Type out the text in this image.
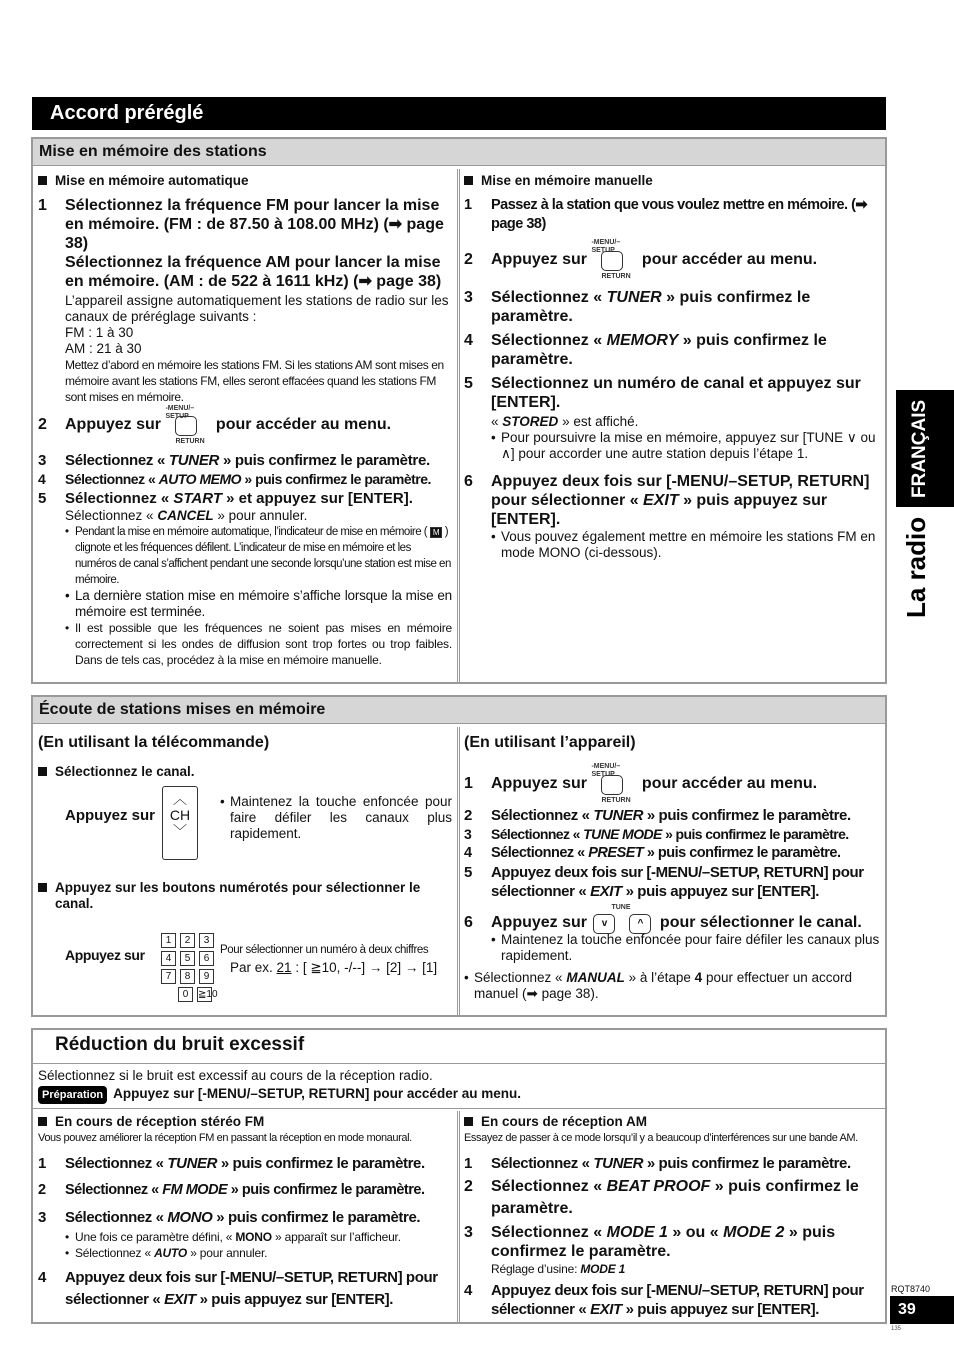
Accord préréglé
FRANÇAIS
La radio
Mise en mémoire des stations
Mise en mémoire automatique
1 Sélectionnez la fréquence FM pour lancer la mise en mémoire. (FM : de 87.50 à 108.00 MHz) (➡ page 38)
Sélectionnez la fréquence AM pour lancer la mise en mémoire. (AM : de 522 à 1611 kHz) (➡ page 38)
L’appareil assigne automatiquement les stations de radio sur les canaux de préréglage suivants :
FM : 1 à 30
AM : 21 à 30
Mettez d’abord en mémoire les stations FM. Si les stations AM sont mises en mémoire avant les stations FM, elles seront effacées quand les stations FM sont mises en mémoire.
2 Appuyez sur
-MENU/–SETUP
RETURN
pour accéder au menu.
3 Sélectionnez « TUNER » puis confirmez le paramètre.
4 Sélectionnez « AUTO MEMO » puis confirmez le paramètre.
5 Sélectionnez « START » et appuyez sur [ENTER].
Sélectionnez « CANCEL » pour annuler.
• Pendant la mise en mémoire automatique, l’indicateur de mise en mémoire ( M ) clignote et les fréquences défilent. L’indicateur de mise en mémoire et les numéros de canal s’affichent pendant une seconde lorsqu’une station est mise en mémoire.
• La dernière station mise en mémoire s’affiche lorsque la mise en mémoire est terminée.
• Il est possible que les fréquences ne soient pas mises en mémoire correctement si les ondes de diffusion sont trop fortes ou trop faibles. Dans de tels cas, procédez à la mise en mémoire manuelle.
Mise en mémoire manuelle
1 Passez à la station que vous voulez mettre en mémoire. (➡ page 38)
2 Appuyez sur
-MENU/–SETUP
RETURN
pour accéder au menu.
3 Sélectionnez « TUNER » puis confirmez le paramètre.
4 Sélectionnez « MEMORY » puis confirmez le paramètre.
5 Sélectionnez un numéro de canal et appuyez sur [ENTER].
« STORED » est affiché.
• Pour poursuivre la mise en mémoire, appuyez sur [TUNE ∨ ou ∧] pour accorder une autre station depuis l’étape 1.
6 Appuyez deux fois sur [-MENU/–SETUP, RETURN] pour sélectionner « EXIT » puis appuyez sur [ENTER].
• Vous pouvez également mettre en mémoire les stations FM en mode MONO (ci-dessous).
Écoute de stations mises en mémoire
(En utilisant la télécommande)
Sélectionnez le canal.
Appuyez sur
︿
CH
﹀
• Maintenez la touche enfoncée pour faire défiler les canaux plus rapidement.
Appuyez sur les boutons numérotés pour sélectionner le canal.
Appuyez sur
1 2 3 4 5 6 7 8 9 0 ≧10
Pour sélectionner un numéro à deux chiffres
Par ex. 21 : [ ≧10, -/--] → [2] → [1]
(En utilisant l’appareil)
1 Appuyez sur
-MENU/–SETUP
RETURN
pour accéder au menu.
2 Sélectionnez « TUNER » puis confirmez le paramètre.
3 Sélectionnez « TUNE MODE » puis confirmez le paramètre.
4 Sélectionnez « PRESET » puis confirmez le paramètre.
5 Appuyez deux fois sur [-MENU/–SETUP, RETURN] pour sélectionner « EXIT » puis appuyez sur [ENTER].
6 Appuyez sur
TUNE
v	^	pour sélectionner le canal.
• Maintenez la touche enfoncée pour faire défiler les canaux plus rapidement.
• Sélectionnez « MANUAL » à l’étape 4 pour effectuer un accord manuel (➡ page 38).
Réduction du bruit excessif
Sélectionnez si le bruit est excessif au cours de la réception radio.
Préparation Appuyez sur [-MENU/–SETUP, RETURN] pour accéder au menu.
En cours de réception stéréo FM
Vous pouvez améliorer la réception FM en passant la réception en mode monaural.
1 Sélectionnez « TUNER » puis confirmez le paramètre.
2 Sélectionnez « FM MODE » puis confirmez le paramètre.
3 Sélectionnez « MONO » puis confirmez le paramètre.
• Une fois ce paramètre défini, « MONO » apparaît sur l’afficheur.
• Sélectionnez « AUTO » pour annuler.
4 Appuyez deux fois sur [-MENU/–SETUP, RETURN] pour sélectionner « EXIT » puis appuyez sur [ENTER].
En cours de réception AM
Essayez de passer à ce mode lorsqu’il y a beaucoup d’interférences sur une bande AM.
1 Sélectionnez « TUNER » puis confirmez le paramètre.
2 Sélectionnez « BEAT PROOF » puis confirmez le paramètre.
3 Sélectionnez « MODE 1 » ou « MODE 2 » puis confirmez le paramètre.
Réglage d’usine: MODE 1
4 Appuyez deux fois sur [-MENU/–SETUP, RETURN] pour sélectionner « EXIT » puis appuyez sur [ENTER].
RQT8740
39
135
